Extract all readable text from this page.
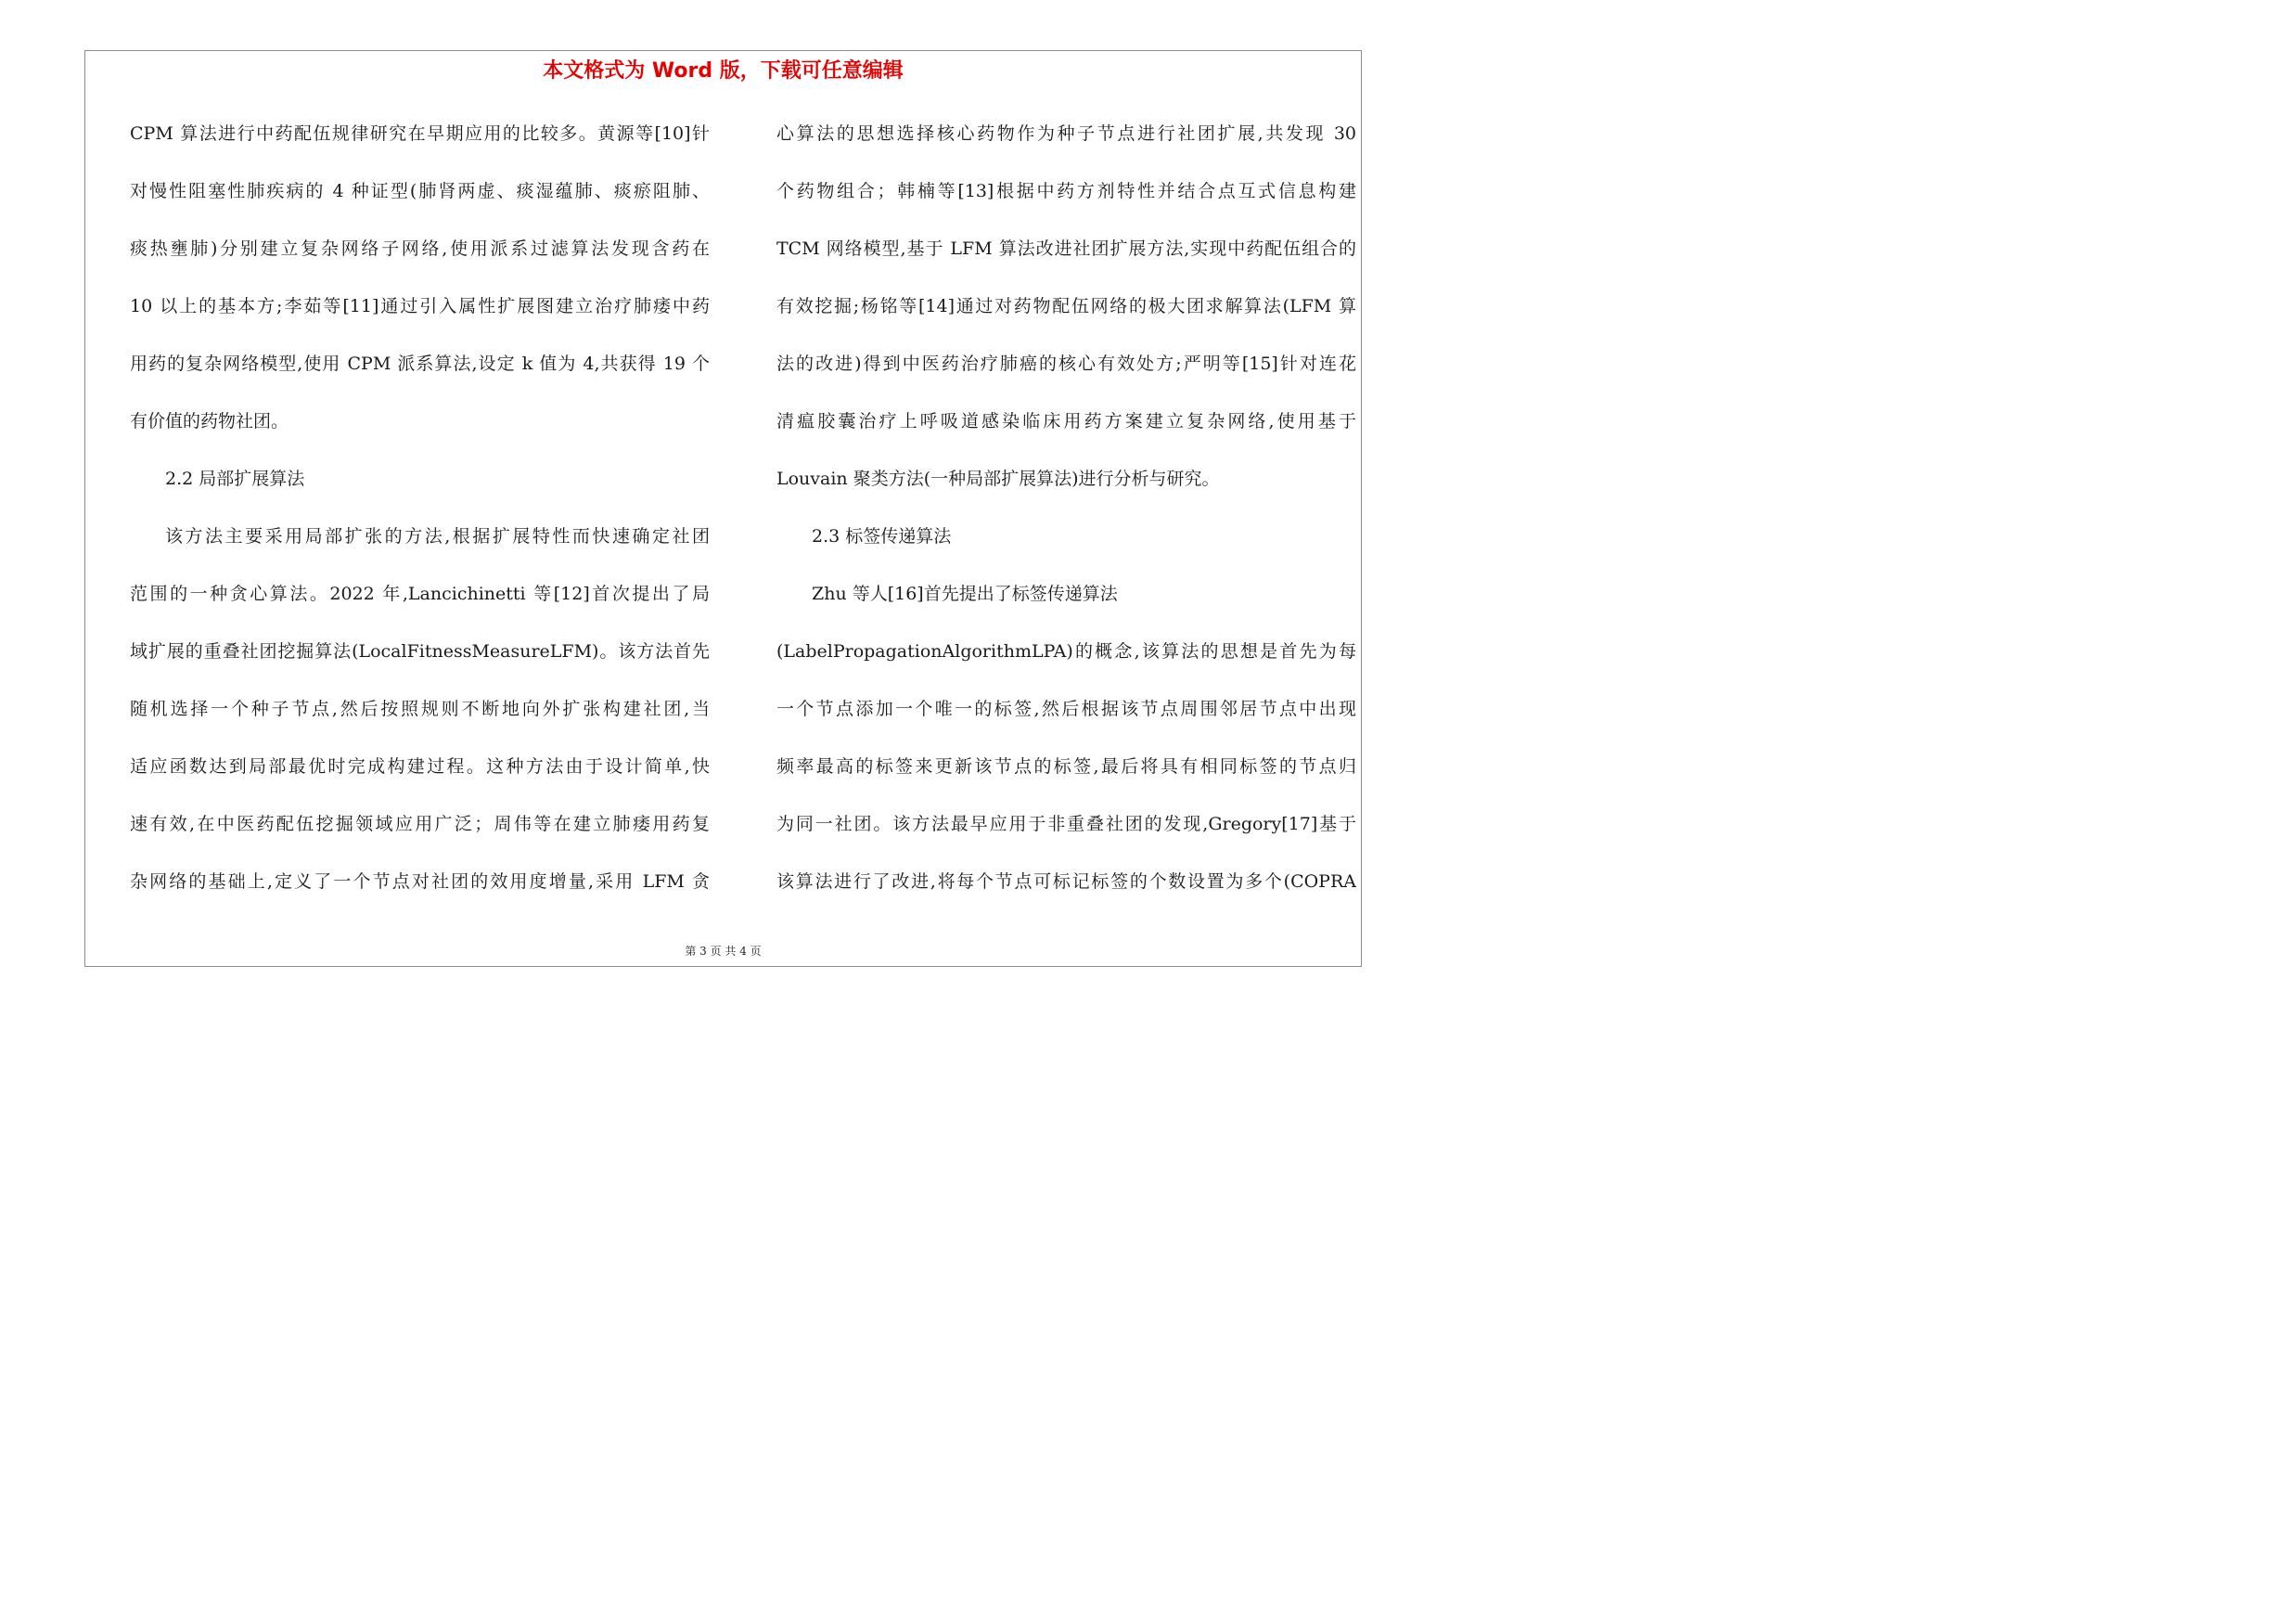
本文格式为 Word 版，下载可任意编辑
CPM 算法进行中药配伍规律研究在早期应用的比较多。黄源等[10]针
对慢性阻塞性肺疾病的 4 种证型(肺肾两虚、痰湿蕴肺、痰瘀阻肺、
痰热壅肺)分别建立复杂网络子网络,使用派系过滤算法发现含药在
10 以上的基本方;李茹等[11]通过引入属性扩展图建立治疗肺痿中药
用药的复杂网络模型,使用 CPM 派系算法,设定 k 值为 4,共获得 19 个
有价值的药物社团。
2.2 局部扩展算法
该方法主要采用局部扩张的方法,根据扩展特性而快速确定社团
范围的一种贪心算法。2022 年,Lancichinetti 等[12]首次提出了局
域扩展的重叠社团挖掘算法(LocalFitnessMeasureLFM)。该方法首先
随机选择一个种子节点,然后按照规则不断地向外扩张构建社团,当
适应函数达到局部最优时完成构建过程。这种方法由于设计简单,快
速有效,在中医药配伍挖掘领域应用广泛；周伟等在建立肺痿用药复
杂网络的基础上,定义了一个节点对社团的效用度增量,采用 LFM 贪
心算法的思想选择核心药物作为种子节点进行社团扩展,共发现 30
个药物组合；韩楠等[13]根据中药方剂特性并结合点互式信息构建
TCM 网络模型,基于 LFM 算法改进社团扩展方法,实现中药配伍组合的
有效挖掘;杨铭等[14]通过对药物配伍网络的极大团求解算法(LFM 算
法的改进)得到中医药治疗肺癌的核心有效处方;严明等[15]针对连花
清瘟胶囊治疗上呼吸道感染临床用药方案建立复杂网络,使用基于
Louvain 聚类方法(一种局部扩展算法)进行分析与研究。
2.3 标签传递算法
Zhu 等人[16]首先提出了标签传递算法
(LabelPropagationAlgorithmLPA)的概念,该算法的思想是首先为每
一个节点添加一个唯一的标签,然后根据该节点周围邻居节点中出现
频率最高的标签来更新该节点的标签,最后将具有相同标签的节点归
为同一社团。该方法最早应用于非重叠社团的发现,Gregory[17]基于
该算法进行了改进,将每个节点可标记标签的个数设置为多个(COPRA
第 3 页 共 4 页
